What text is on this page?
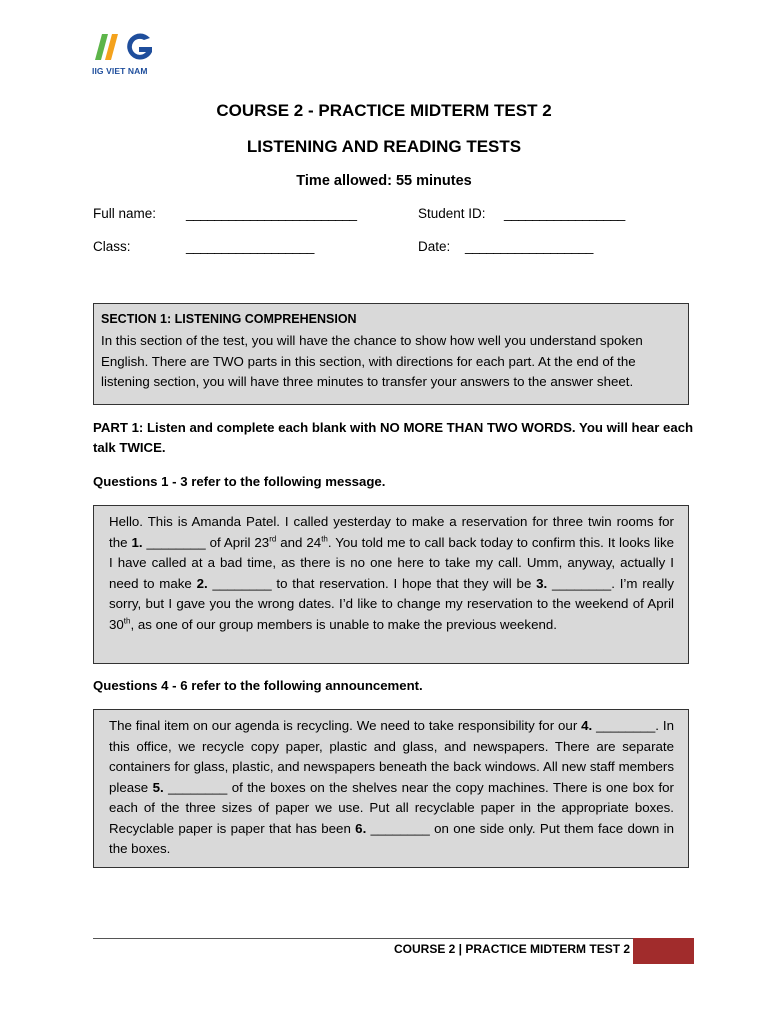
IIG VIET NAM
COURSE 2 - PRACTICE MIDTERM TEST 2
LISTENING AND READING TESTS
Time allowed: 55 minutes
Full name: ________________________	Student ID: _________________
Class:	__________________	Date: __________________
SECTION 1: LISTENING COMPREHENSION
In this section of the test, you will have the chance to show how well you understand spoken English. There are TWO parts in this section, with directions for each part. At the end of the listening section, you will have three minutes to transfer your answers to the answer sheet.
PART 1: Listen and complete each blank with NO MORE THAN TWO WORDS. You will hear each talk TWICE.
Questions 1 - 3 refer to the following message.
Hello. This is Amanda Patel. I called yesterday to make a reservation for three twin rooms for the 1. ________ of April 23rd and 24th. You told me to call back today to confirm this. It looks like I have called at a bad time, as there is no one here to take my call. Umm, anyway, actually I need to make 2. ________ to that reservation. I hope that they will be 3. ________. I’m really sorry, but I gave you the wrong dates. I’d like to change my reservation to the weekend of April 30th, as one of our group members is unable to make the previous weekend.
Questions 4 - 6 refer to the following announcement.
The final item on our agenda is recycling. We need to take responsibility for our 4. ________. In this office, we recycle copy paper, plastic and glass, and newspapers. There are separate containers for glass, plastic, and newspapers beneath the back windows. All new staff members please 5. ________ of the boxes on the shelves near the copy machines. There is one box for each of the three sizes of paper we use. Put all recyclable paper in the appropriate boxes. Recyclable paper is paper that has been 6. ________ on one side only. Put them face down in the boxes.
COURSE 2 | PRACTICE MIDTERM TEST 2
